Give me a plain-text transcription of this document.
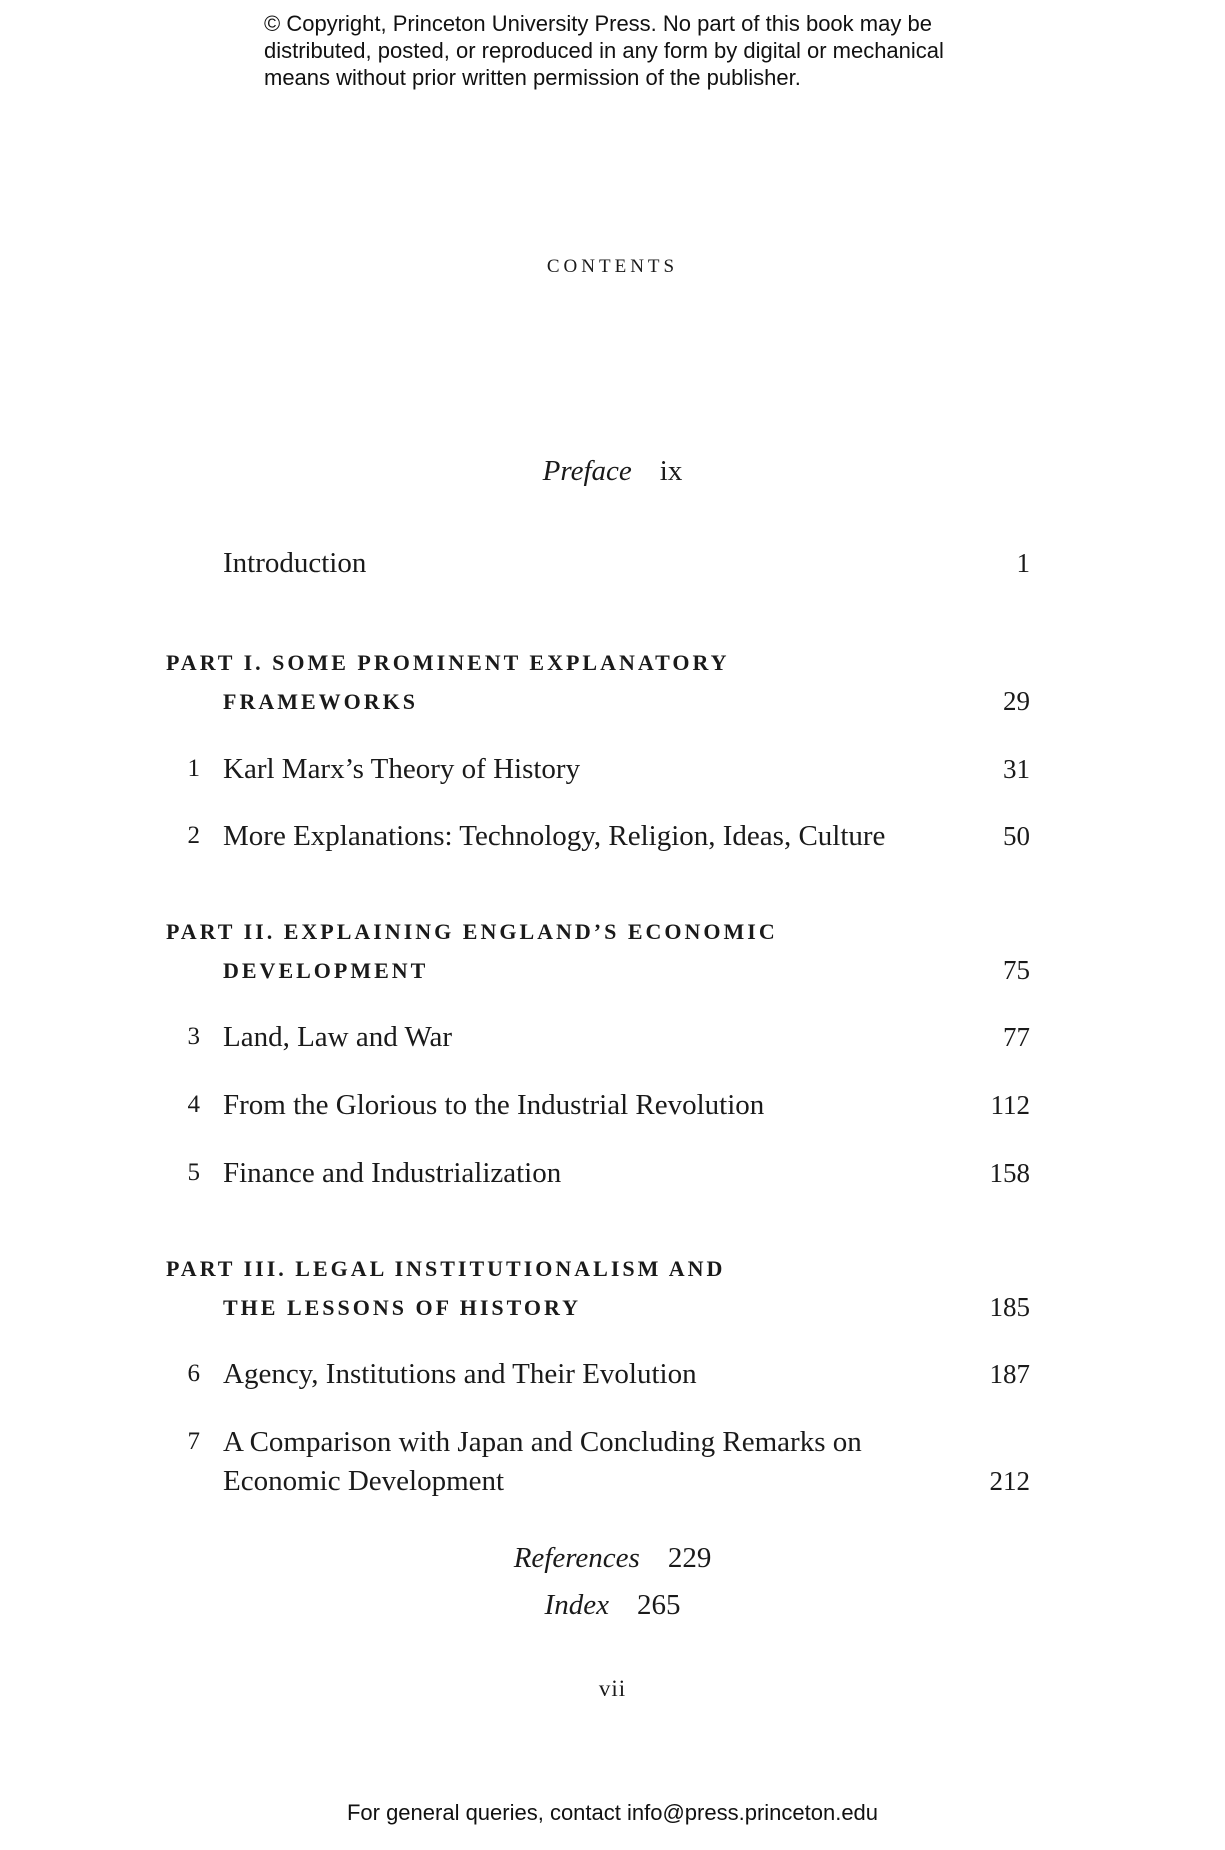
© Copyright, Princeton University Press. No part of this book may be
distributed, posted, or reproduced in any form by digital or mechanical
means without prior written permission of the publisher.
contents
Preface ix
Introduction	1
PART I. SOME PROMINENT EXPLANATORY
FRAMEWORKS	29
1 Karl Marx’s Theory of History	31
2 More Explanations: Technology, Religion, Ideas, Culture	50
PART II. EXPLAINING ENGLAND’S ECONOMIC
DEVELOPMENT	75
3 Land, Law and War	77
4 From the Glorious to the Industrial Revolution	112
5 Finance and Industrialization	158
PART III. LEGAL INSTITUTIONALISM AND
THE LESSONS OF HISTORY	185
6 Agency, Institutions and Their Evolution	187
7 A Comparison with Japan and Concluding Remarks on
Economic Development	212
References 229
Index 265
vii
For general queries, contact info@press.princeton.edu
